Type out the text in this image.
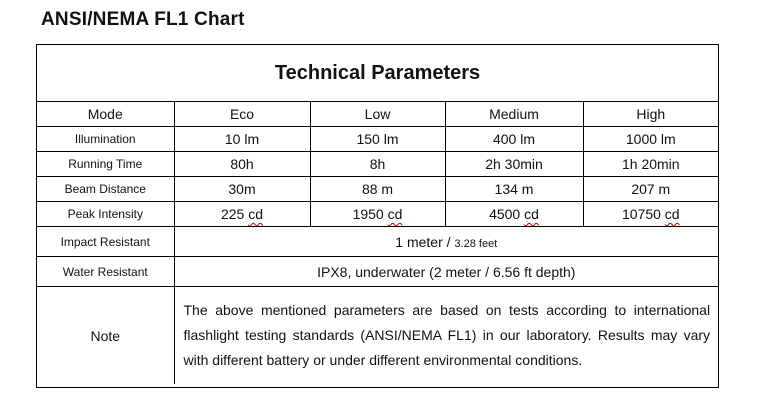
ANSI/NEMA FL1 Chart
Technical Parameters				
Mode	Eco	Low	Medium	High
Illumination	10 lm	150 lm	400 lm	1000 lm
Running Time	80h	8h	2h 30min	1h 20min
Beam Distance	30m	88 m	134 m	207 m
Peak Intensity	225 cd	1950 cd	4500 cd	10750 cd
Impact Resistant	1 meter / 3.28 feet			
Water Resistant	IPX8, underwater (2 meter / 6.56 ft depth)			
Note	The above mentioned parameters are based on tests according to international flashlight testing standards (ANSI/NEMA FL1) in our laboratory. Results may vary with different battery or under different environmental conditions.			
